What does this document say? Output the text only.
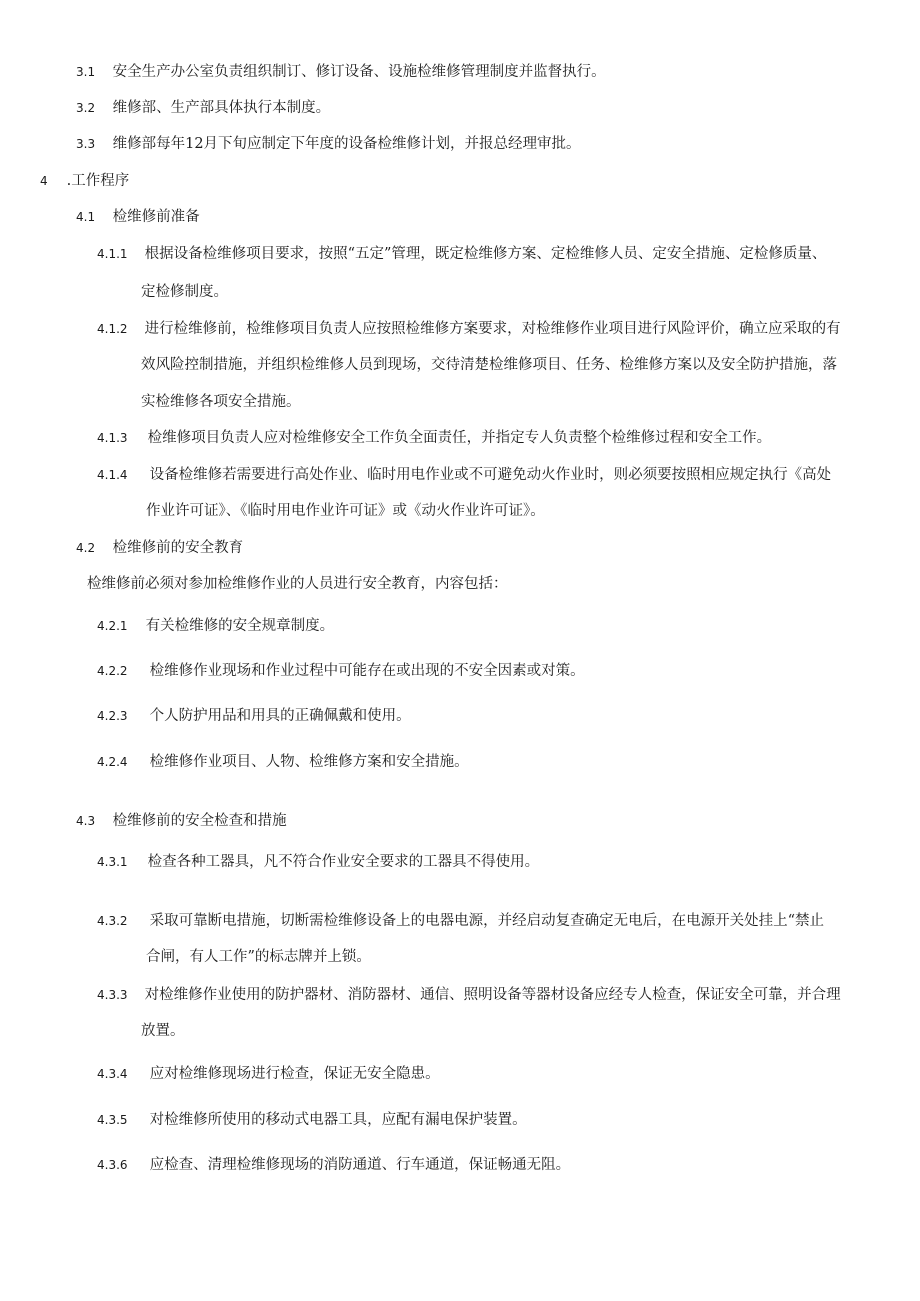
3.1 安全生产办公室负责组织制订、修订设备、设施检维修管理制度并监督执行。
3.2 维修部、生产部具体执行本制度。
3.3 维修部每年12月下旬应制定下年度的设备检维修计划，并报总经理审批。
4 .工作程序
4.1 检维修前准备
4.1.1 根据设备检维修项目要求，按照“五定”管理，既定检维修方案、定检维修人员、定安全措施、定检修质量、
定检修制度。
4.1.2 进行检维修前，检维修项目负责人应按照检维修方案要求，对检维修作业项目进行风险评价，确立应采取的有
效风险控制措施，并组织检维修人员到现场，交待清楚检维修项目、任务、检维修方案以及安全防护措施，落
实检维修各项安全措施。
4.1.3 检维修项目负责人应对检维修安全工作负全面责任，并指定专人负责整个检维修过程和安全工作。
4.1.4 设备检维修若需要进行高处作业、临时用电作业或不可避免动火作业时，则必须要按照相应规定执行《高处
作业许可证》、《临时用电作业许可证》或《动火作业许可证》。
4.2 检维修前的安全教育
检维修前必须对参加检维修作业的人员进行安全教育，内容包括：
4.2.1 有关检维修的安全规章制度。
4.2.2 检维修作业现场和作业过程中可能存在或出现的不安全因素或对策。
4.2.3 个人防护用品和用具的正确佩戴和使用。
4.2.4 检维修作业项目、人物、检维修方案和安全措施。
4.3 检维修前的安全检查和措施
4.3.1 检查各种工器具，凡不符合作业安全要求的工器具不得使用。
4.3.2 采取可靠断电措施，切断需检维修设备上的电器电源，并经启动复查确定无电后，在电源开关处挂上“禁止
合闸，有人工作”的标志牌并上锁。
4.3.3 对检维修作业使用的防护器材、消防器材、通信、照明设备等器材设备应经专人检查，保证安全可靠，并合理
放置。
4.3.4 应对检维修现场进行检查，保证无安全隐患。
4.3.5 对检维修所使用的移动式电器工具，应配有漏电保护装置。
4.3.6 应检查、清理检维修现场的消防通道、行车通道，保证畅通无阻。
